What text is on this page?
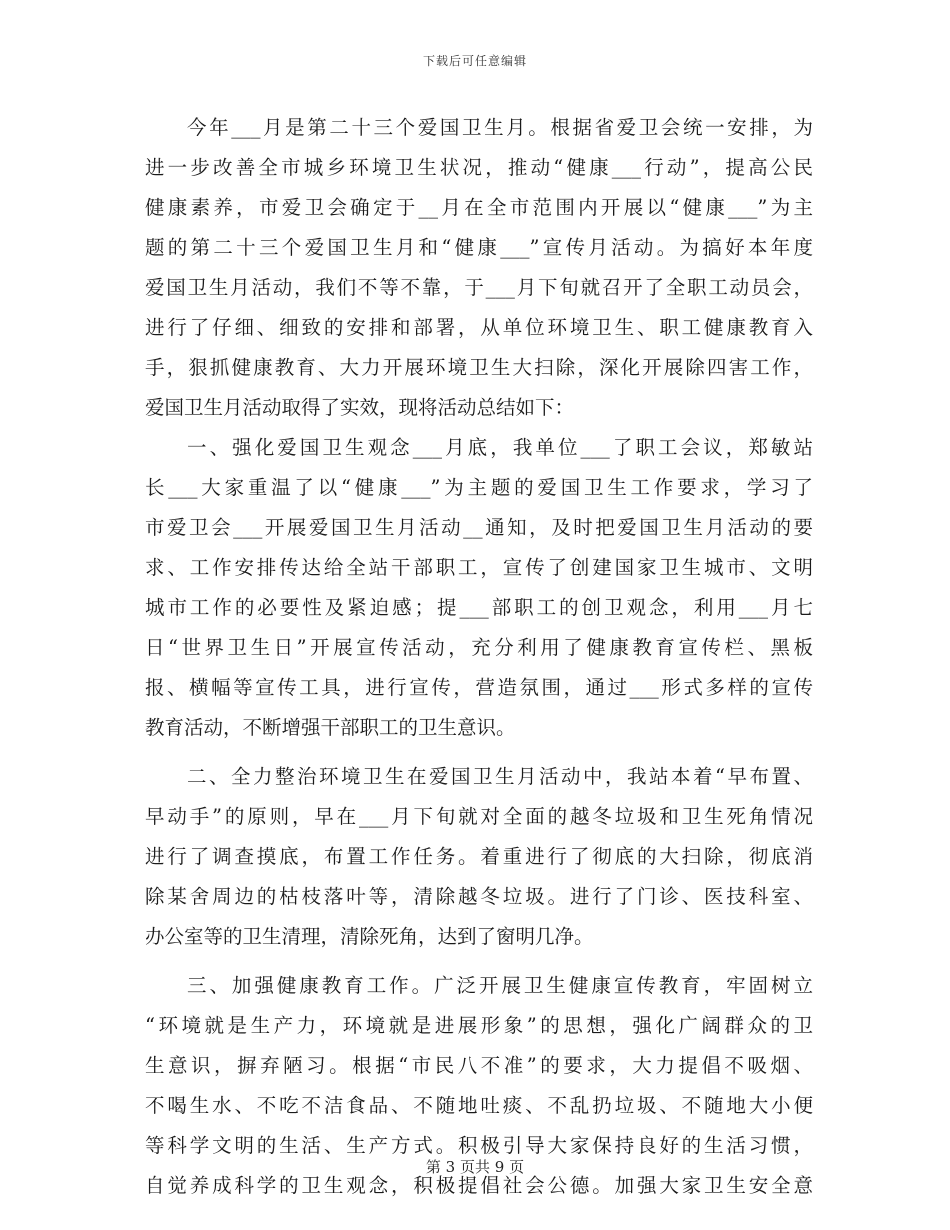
下载后可任意编辑
今年___月是第二十三个爱国卫生月。根据省爱卫会统一安排，为
进一步改善全市城乡环境卫生状况，推动“健康___行动”，提高公民
健康素养，市爱卫会确定于__月在全市范围内开展以“健康___”为主
题的第二十三个爱国卫生月和“健康___”宣传月活动。为搞好本年度
爱国卫生月活动，我们不等不靠，于___月下旬就召开了全职工动员会，
进行了仔细、细致的安排和部署，从单位环境卫生、职工健康教育入
手，狠抓健康教育、大力开展环境卫生大扫除，深化开展除四害工作，
爱国卫生月活动取得了实效，现将活动总结如下：
一、强化爱国卫生观念___月底，我单位___了职工会议，郑敏站
长___大家重温了以“健康___”为主题的爱国卫生工作要求，学习了
市爱卫会___开展爱国卫生月活动__通知，及时把爱国卫生月活动的要
求、工作安排传达给全站干部职工，宣传了创建国家卫生城市、文明
城市工作的必要性及紧迫感；提___部职工的创卫观念，利用___月七
日“世界卫生日”开展宣传活动，充分利用了健康教育宣传栏、黑板
报、横幅等宣传工具，进行宣传，营造氛围，通过___形式多样的宣传
教育活动，不断增强干部职工的卫生意识。
二、全力整治环境卫生在爱国卫生月活动中，我站本着“早布置、
早动手”的原则，早在___月下旬就对全面的越冬垃圾和卫生死角情况
进行了调查摸底，布置工作任务。着重进行了彻底的大扫除，彻底消
除某舍周边的枯枝落叶等，清除越冬垃圾。进行了门诊、医技科室、
办公室等的卫生清理，清除死角，达到了窗明几净。
三、加强健康教育工作。广泛开展卫生健康宣传教育，牢固树立
“环境就是生产力，环境就是进展形象”的思想，强化广阔群众的卫
生意识，摒弃陋习。根据“市民八不准”的要求，大力提倡不吸烟、
不喝生水、不吃不洁食品、不随地吐痰、不乱扔垃圾、不随地大小便
等科学文明的生活、生产方式。积极引导大家保持良好的生活习惯，
自觉养成科学的卫生观念，积极提倡社会公德。加强大家卫生安全意
第 3 页共 9 页
